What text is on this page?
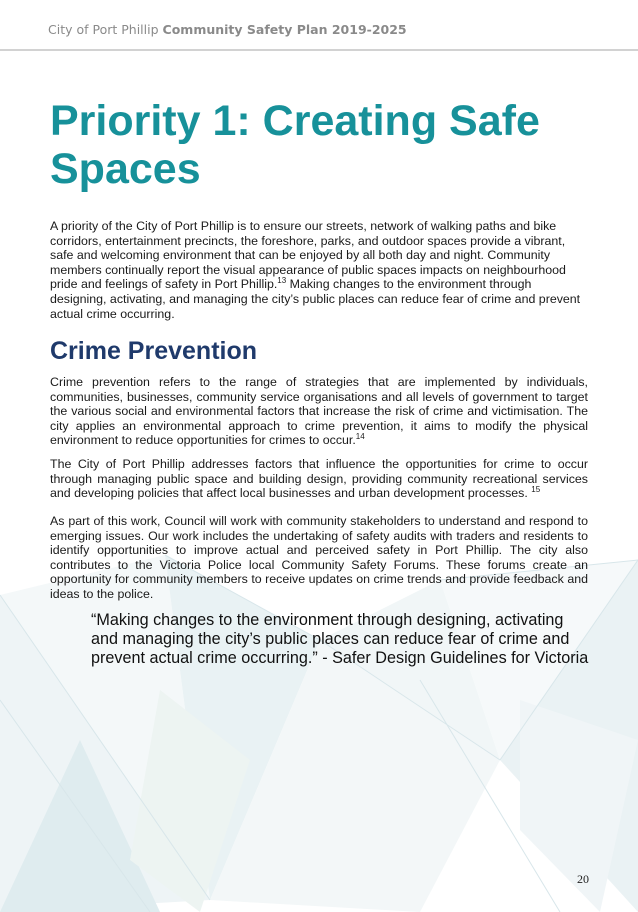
City of Port Phillip Community Safety Plan 2019-2025
Priority 1: Creating Safe Spaces

A priority of the City of Port Phillip is to ensure our streets, network of walking paths and bike corridors, entertainment precincts, the foreshore, parks, and outdoor spaces provide a vibrant, safe and welcoming environment that can be enjoyed by all both day and night. Community members continually report the visual appearance of public spaces impacts on neighbourhood pride and feelings of safety in Port Phillip.$^{13}$ Making changes to the environment through designing, activating, and managing the city’s public places can reduce fear of crime and prevent actual crime occurring.

Crime Prevention

Crime prevention refers to the range of strategies that are implemented by individuals, communities, businesses, community service organisations and all levels of government to target the various social and environmental factors that increase the risk of crime and victimisation. The city applies an environmental approach to crime prevention, it aims to modify the physical environment to reduce opportunities for crimes to occur.$^{14}$

The City of Port Phillip addresses factors that influence the opportunities for crime to occur through managing public space and building design, providing community recreational services and developing policies that affect local businesses and urban development processes. $^{15}$

As part of this work, Council will work with community stakeholders to understand and respond to emerging issues. Our work includes the undertaking of safety audits with traders and residents to identify opportunities to improve actual and perceived safety in Port Phillip. The city also contributes to the Victoria Police local Community Safety Forums. These forums create an opportunity for community members to receive updates on crime trends and provide feedback and ideas to the police.

“Making changes to the environment through designing, activating and managing the city’s public places can reduce fear of crime and prevent actual crime occurring.” - Safer Design Guidelines for Victoria

20
